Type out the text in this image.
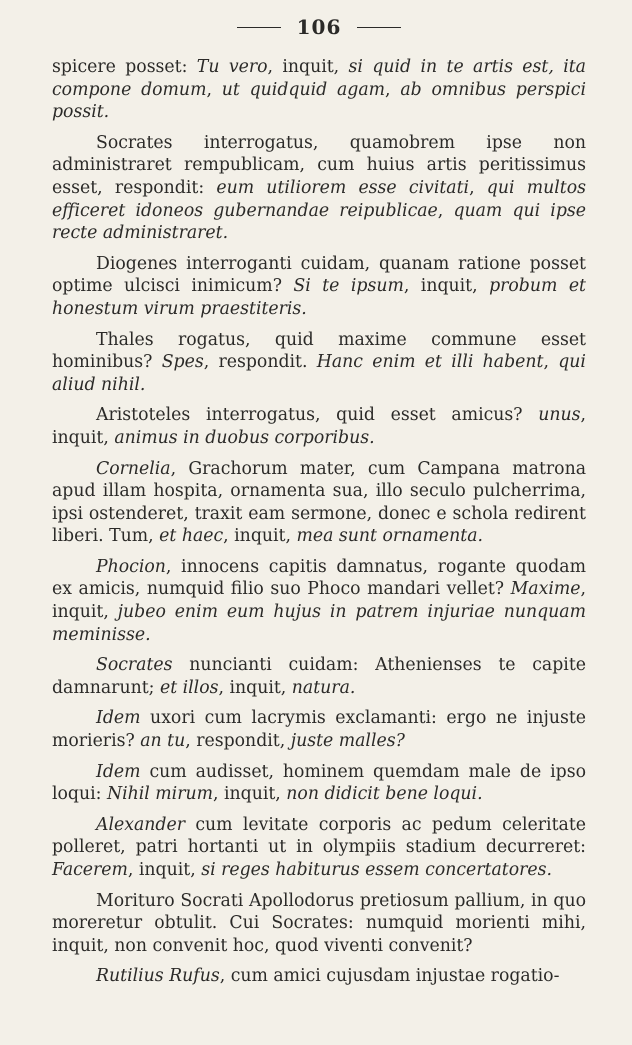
106

spicere posset: Tu vero, inquit, si quid in te artis est, ita compone domum, ut quidquid agam, ab omnibus perspici possit.

Socrates interrogatus, quamobrem ipse non administraret rempublicam, cum huius artis peritissimus esset, respondit: eum utiliorem esse civitati, qui multos efficeret idoneos gubernandae reipublicae, quam qui ipse recte administraret.

Diogenes interroganti cuidam, quanam ratione posset optime ulcisci inimicum? Si te ipsum, inquit, probum et honestum virum praestiteris.

Thales rogatus, quid maxime commune esset hominibus? Spes, respondit. Hanc enim et illi habent, qui aliud nihil.

Aristoteles interrogatus, quid esset amicus? unus, inquit, animus in duobus corporibus.

Cornelia, Grachorum mater, cum Campana matrona apud illam hospita, ornamenta sua, illo seculo pulcherrima, ipsi ostenderet, traxit eam sermone, donec e schola redirent liberi. Tum, et haec, inquit, mea sunt ornamenta.

Phocion, innocens capitis damnatus, rogante quodam ex amicis, numquid filio suo Phoco mandari vellet? Maxime, inquit, jubeo enim eum hujus in patrem injuriae nunquam meminisse.

Socrates nuncianti cuidam: Athenienses te capite damnarunt; et illos, inquit, natura.

Idem uxori cum lacrymis exclamanti: ergo ne injuste morieris? an tu, respondit, juste malles?

Idem cum audisset, hominem quemdam male de ipso loqui: Nihil mirum, inquit, non didicit bene loqui.

Alexander cum levitate corporis ac pedum celeritate polleret, patri hortanti ut in olympiis stadium decurreret: Facerem, inquit, si reges habiturus essem concertatores.

Morituro Socrati Apollodorus pretiosum pallium, in quo moreretur obtulit. Cui Socrates: numquid morienti mihi, inquit, non convenit hoc, quod viventi convenit?

Rutilius Rufus, cum amici cujusdam injustae rogatio-
